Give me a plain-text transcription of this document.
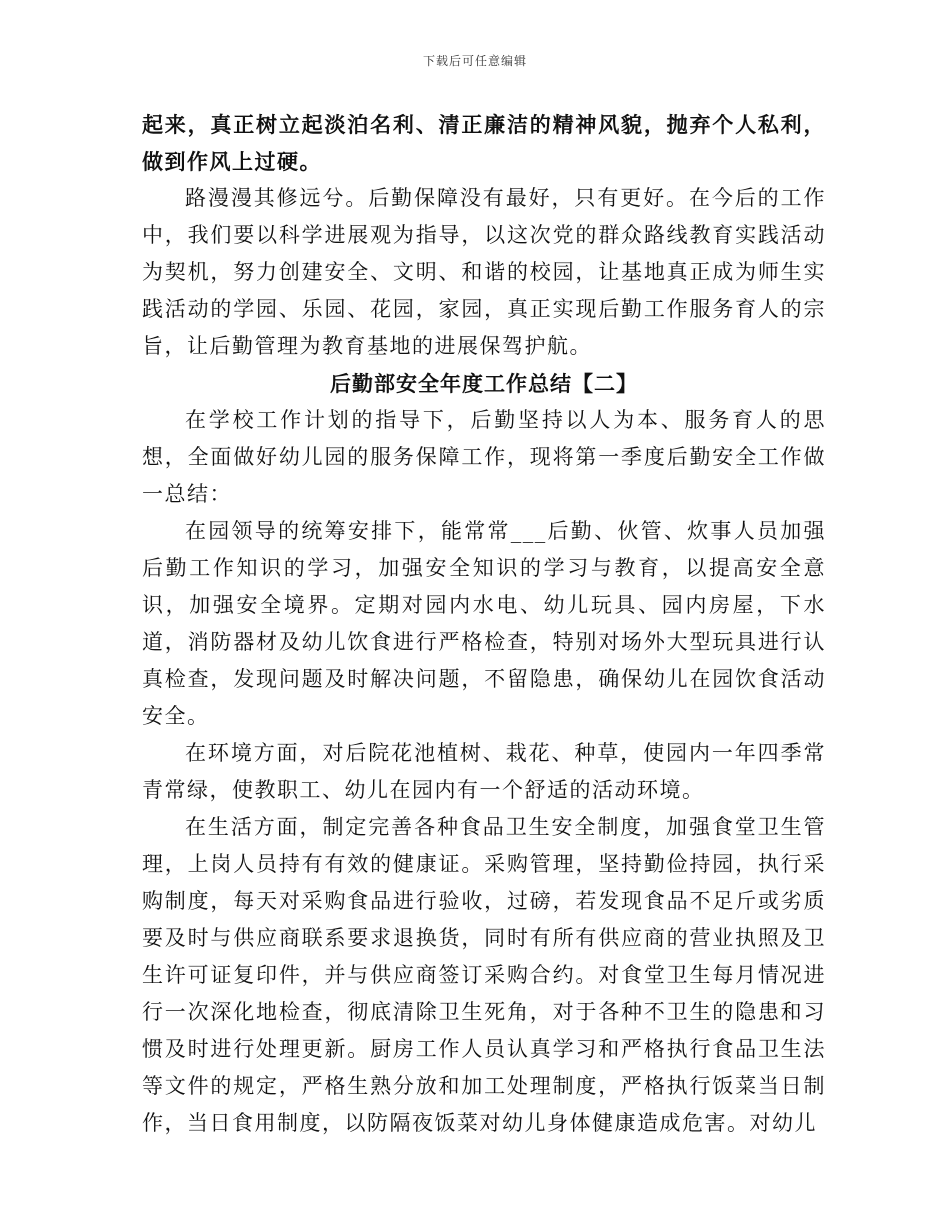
下载后可任意编辑

起来，真正树立起淡泊名利、清正廉洁的精神风貌，抛弃个人私利，做到作风上过硬。

路漫漫其修远兮。后勤保障没有最好，只有更好。在今后的工作中，我们要以科学进展观为指导，以这次党的群众路线教育实践活动为契机，努力创建安全、文明、和谐的校园，让基地真正成为师生实践活动的学园、乐园、花园，家园，真正实现后勤工作服务育人的宗旨，让后勤管理为教育基地的进展保驾护航。

后勤部安全年度工作总结【二】

在学校工作计划的指导下，后勤坚持以人为本、服务育人的思想，全面做好幼儿园的服务保障工作，现将第一季度后勤安全工作做一总结：

在园领导的统筹安排下，能常常___后勤、伙管、炊事人员加强后勤工作知识的学习，加强安全知识的学习与教育，以提高安全意识，加强安全境界。定期对园内水电、幼儿玩具、园内房屋，下水道，消防器材及幼儿饮食进行严格检查，特别对场外大型玩具进行认真检查，发现问题及时解决问题，不留隐患，确保幼儿在园饮食活动安全。

在环境方面，对后院花池植树、栽花、种草，使园内一年四季常青常绿，使教职工、幼儿在园内有一个舒适的活动环境。

在生活方面，制定完善各种食品卫生安全制度，加强食堂卫生管理，上岗人员持有有效的健康证。采购管理，坚持勤俭持园，执行采购制度，每天对采购食品进行验收，过磅，若发现食品不足斤或劣质要及时与供应商联系要求退换货，同时有所有供应商的营业执照及卫生许可证复印件，并与供应商签订采购合约。对食堂卫生每月情况进行一次深化地检查，彻底清除卫生死角，对于各种不卫生的隐患和习惯及时进行处理更新。厨房工作人员认真学习和严格执行食品卫生法等文件的规定，严格生熟分放和加工处理制度，严格执行饭菜当日制作，当日食用制度，以防隔夜饭菜对幼儿身体健康造成危害。对幼儿
